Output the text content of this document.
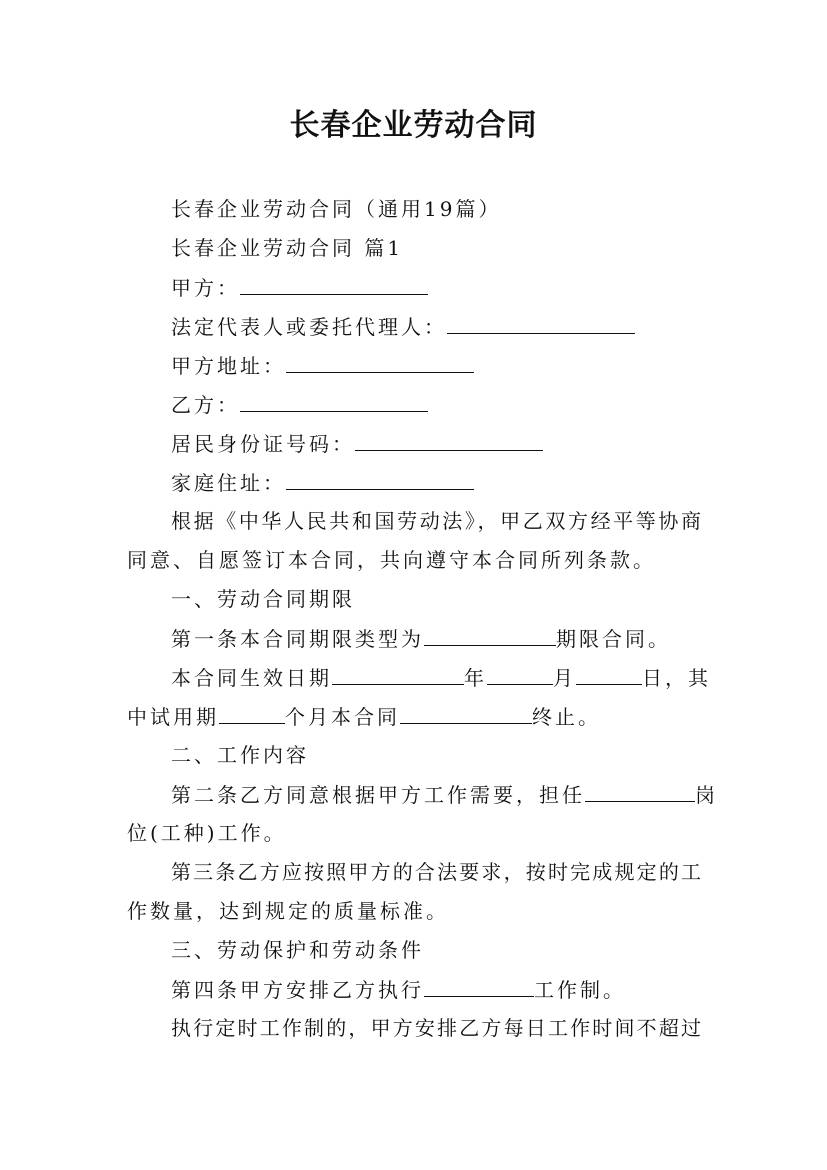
长春企业劳动合同
长春企业劳动合同（通用19篇）
长春企业劳动合同 篇1
甲方：
法定代表人或委托代理人：
甲方地址：
乙方：
居民身份证号码：
家庭住址：
根据《中华人民共和国劳动法》，甲乙双方经平等协商
同意、自愿签订本合同，共向遵守本合同所列条款。
一、劳动合同期限
第一条本合同期限类型为	期限合同。
本合同生效日期	年	月	日，其
中试用期	个月本合同	终止。
二、工作内容
第二条乙方同意根据甲方工作需要，担任	岗
位(工种)工作。
第三条乙方应按照甲方的合法要求，按时完成规定的工
作数量，达到规定的质量标准。
三、劳动保护和劳动条件
第四条甲方安排乙方执行	工作制。
执行定时工作制的，甲方安排乙方每日工作时间不超过
